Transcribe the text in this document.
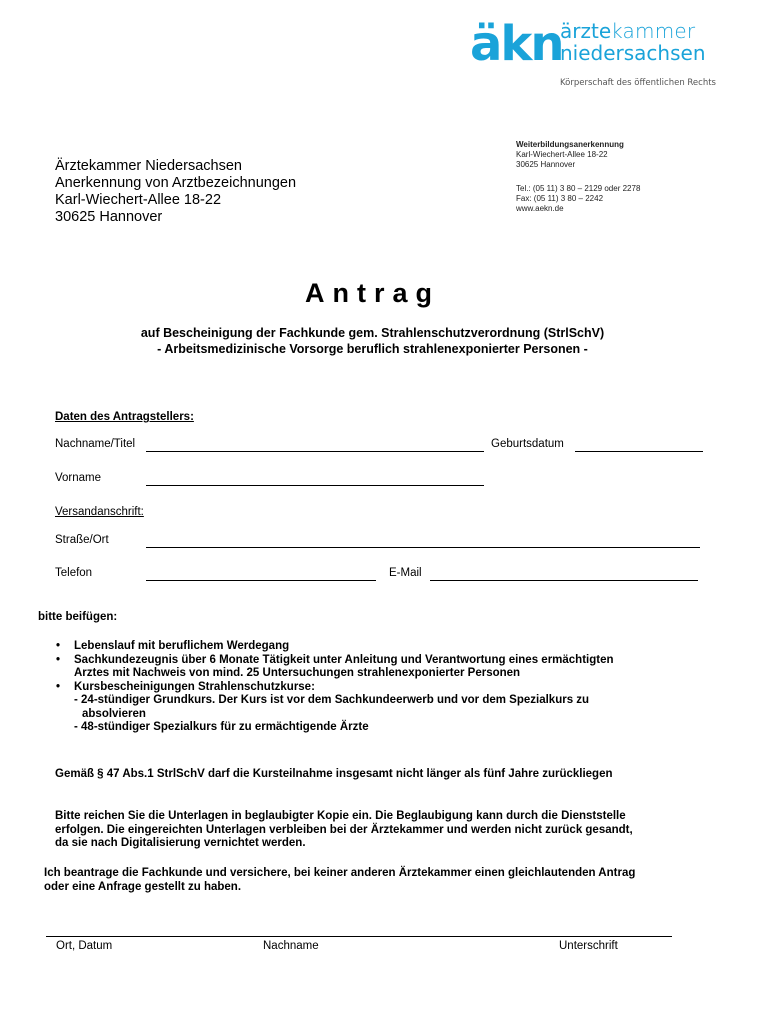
äkn
ärztekammer
niedersachsen
Körperschaft des öffentlichen Rechts
Weiterbildungsanerkennung
Karl-Wiechert-Allee 18-22
30625 Hannover
Tel.: (05 11) 3 80 – 2129 oder 2278
Fax: (05 11) 3 80 – 2242
www.aekn.de
Ärztekammer Niedersachsen
Anerkennung von Arztbezeichnungen
Karl-Wiechert-Allee 18-22
30625 Hannover
Antrag
auf Bescheinigung der Fachkunde gem. Strahlenschutzverordnung (StrlSchV)
- Arbeitsmedizinische Vorsorge beruflich strahlenexponierter Personen -
Daten des Antragstellers:
Nachname/Titel	Geburtsdatum
Vorname
Versandanschrift:
Straße/Ort
Telefon	E-Mail
bitte beifügen:
• Lebenslauf mit beruflichem Werdegang
• Sachkundezeugnis über 6 Monate Tätigkeit unter Anleitung und Verantwortung eines ermächtigten
Arztes mit Nachweis von mind. 25 Untersuchungen strahlenexponierter Personen
• Kursbescheinigungen Strahlenschutzkurse:
- 24-stündiger Grundkurs. Der Kurs ist vor dem Sachkundeerwerb und vor dem Spezialkurs zu
absolvieren
- 48-stündiger Spezialkurs für zu ermächtigende Ärzte
Gemäß § 47 Abs.1 StrlSchV darf die Kursteilnahme insgesamt nicht länger als fünf Jahre zurückliegen
Bitte reichen Sie die Unterlagen in beglaubigter Kopie ein. Die Beglaubigung kann durch die Dienststelle
erfolgen. Die eingereichten Unterlagen verbleiben bei der Ärztekammer und werden nicht zurück gesandt,
da sie nach Digitalisierung vernichtet werden.
Ich beantrage die Fachkunde und versichere, bei keiner anderen Ärztekammer einen gleichlautenden Antrag
oder eine Anfrage gestellt zu haben.
Ort, Datum	Nachname	Unterschrift
